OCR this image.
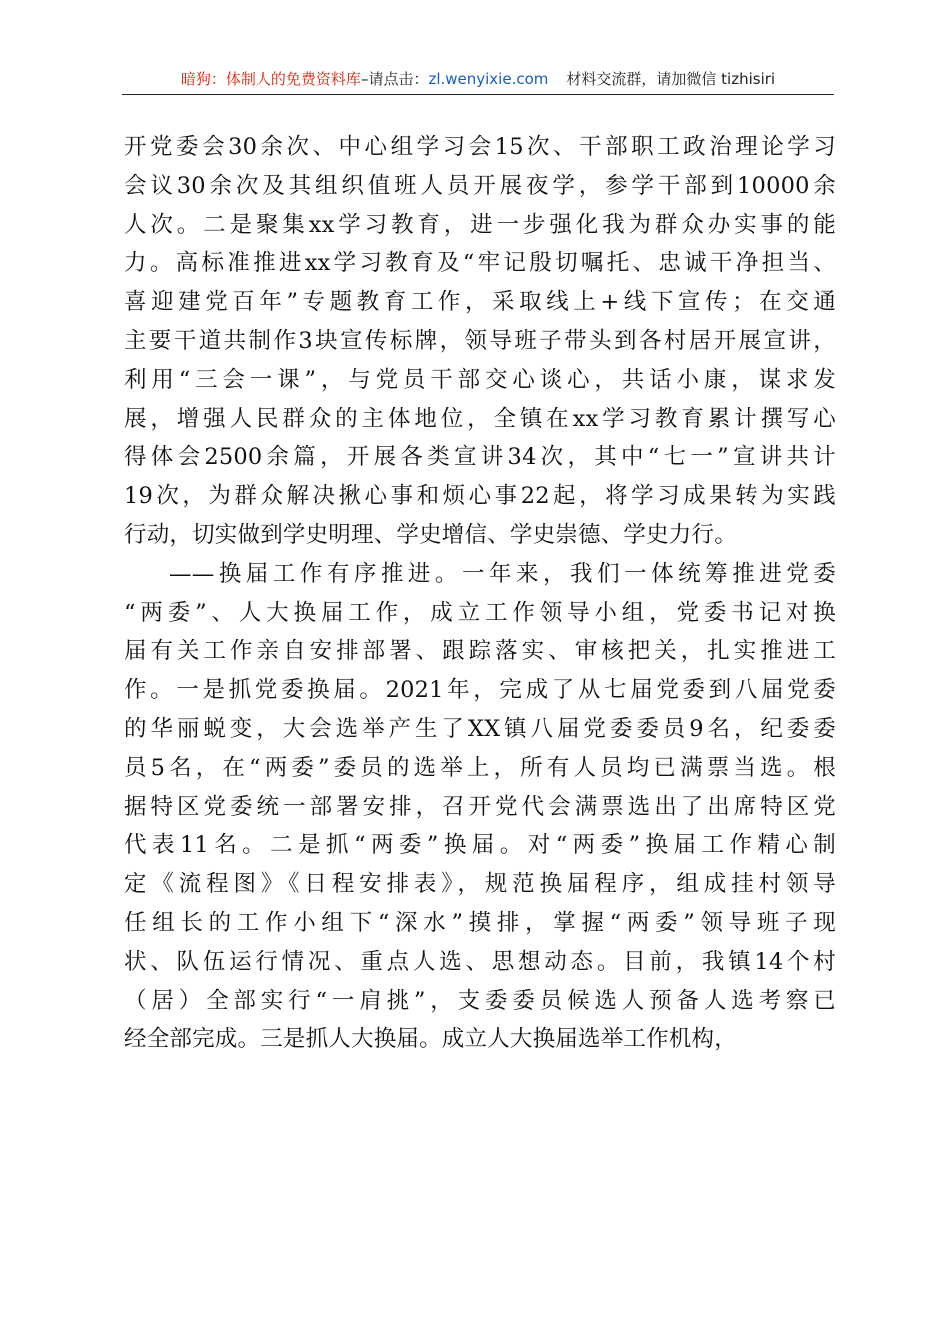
暗狗：体制人的免费资料库–请点击：zl.wenyixie.com 材料交流群，请加微信 tizhisiri
开党委会30余次、中心组学习会15次、干部职工政治理论学习
会议30余次及其组织值班人员开展夜学，参学干部到10000余
人次。二是聚集xx学习教育，进一步强化我为群众办实事的能
力。高标准推进xx学习教育及“牢记殷切嘱托、忠诚干净担当、
喜迎建党百年”专题教育工作，采取线上+线下宣传；在交通
主要干道共制作3块宣传标牌，领导班子带头到各村居开展宣讲，
利用“三会一课”，与党员干部交心谈心，共话小康，谋求发
展，增强人民群众的主体地位，全镇在xx学习教育累计撰写心
得体会2500余篇，开展各类宣讲34次，其中“七一”宣讲共计
19次，为群众解决揪心事和烦心事22起，将学习成果转为实践
行动，切实做到学史明理、学史增信、学史崇德、学史力行。
——换届工作有序推进。一年来，我们一体统筹推进党委
“两委”、人大换届工作，成立工作领导小组，党委书记对换
届有关工作亲自安排部署、跟踪落实、审核把关，扎实推进工
作。一是抓党委换届。2021年，完成了从七届党委到八届党委
的华丽蜕变，大会选举产生了XX镇八届党委委员9名，纪委委
员5名，在“两委”委员的选举上，所有人员均已满票当选。根
据特区党委统一部署安排，召开党代会满票选出了出席特区党
代表11名。二是抓“两委”换届。对“两委”换届工作精心制
定《流程图》《日程安排表》，规范换届程序，组成挂村领导
任组长的工作小组下“深水”摸排，掌握“两委”领导班子现
状、队伍运行情况、重点人选、思想动态。目前，我镇14个村
（居）全部实行“一肩挑”，支委委员候选人预备人选考察已
经全部完成。三是抓人大换届。成立人大换届选举工作机构，
